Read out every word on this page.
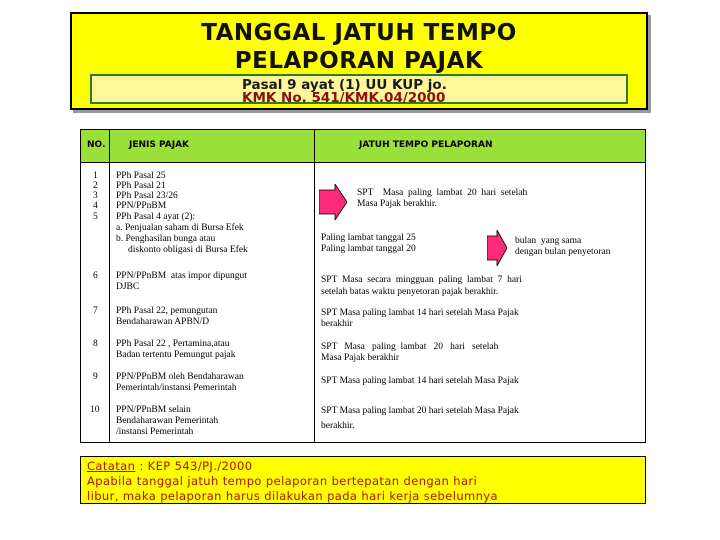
TANGGAL JATUH TEMPO
PELAPORAN PAJAK
Pasal 9 ayat (1) UU KUP jo.
KMK No. 541/KMK.04/2000
NO.	JENIS PAJAK	JATUH TEMPO PELAPORAN
1
2
3
4
5
6
7
8
9
10
PPh Pasal 25
PPh Pasal 21
PPh Pasal 23/26
PPN/PPnBM
PPh Pasal 4 ayat (2):
a. Penjualan saham di Bursa Efek
b. Penghasilan bunga atau
diskonto obligasi di Bursa Efek
PPN/PPnBM  atas impor dipungut
DJBC
PPh Pasal 22, pemungutan
Bendaharawan APBN/D
PPh Pasal 22 , Pertamina,atau
Badan tertentu Pemungut pajak
PPN/PPnBM oleh Bendaharawan
Pemerintah/instansi Pemerintah
PPN/PPnBM selain
Bendaharawan Pemerintah
/instansi Pemerintah
SPT    Masa  paling  lambat  20  hari  setelah
Masa Pajak berakhir.
Paling lambat tanggal 25
Paling lambat tanggal 20
bulan  yang sama
dengan bulan penyetoran
SPT  Masa  secara  mingguan  paling  lambat  7  hari
setelah batas waktu penyetoran pajak berakhir.
SPT Masa paling lambat 14 hari setelah Masa Pajak
berakhir
SPT   Masa   paling  lambat   20   hari   setelah
Masa Pajak berakhir
SPT Masa paling lambat 14 hari setelah Masa Pajak
SPT Masa paling lambat 20 hari setelah Masa Pajak
berakhir.
Catatan : KEP 543/PJ./2000
Apabila tanggal jatuh tempo pelaporan bertepatan dengan hari
libur, maka pelaporan harus dilakukan pada hari kerja sebelumnya
